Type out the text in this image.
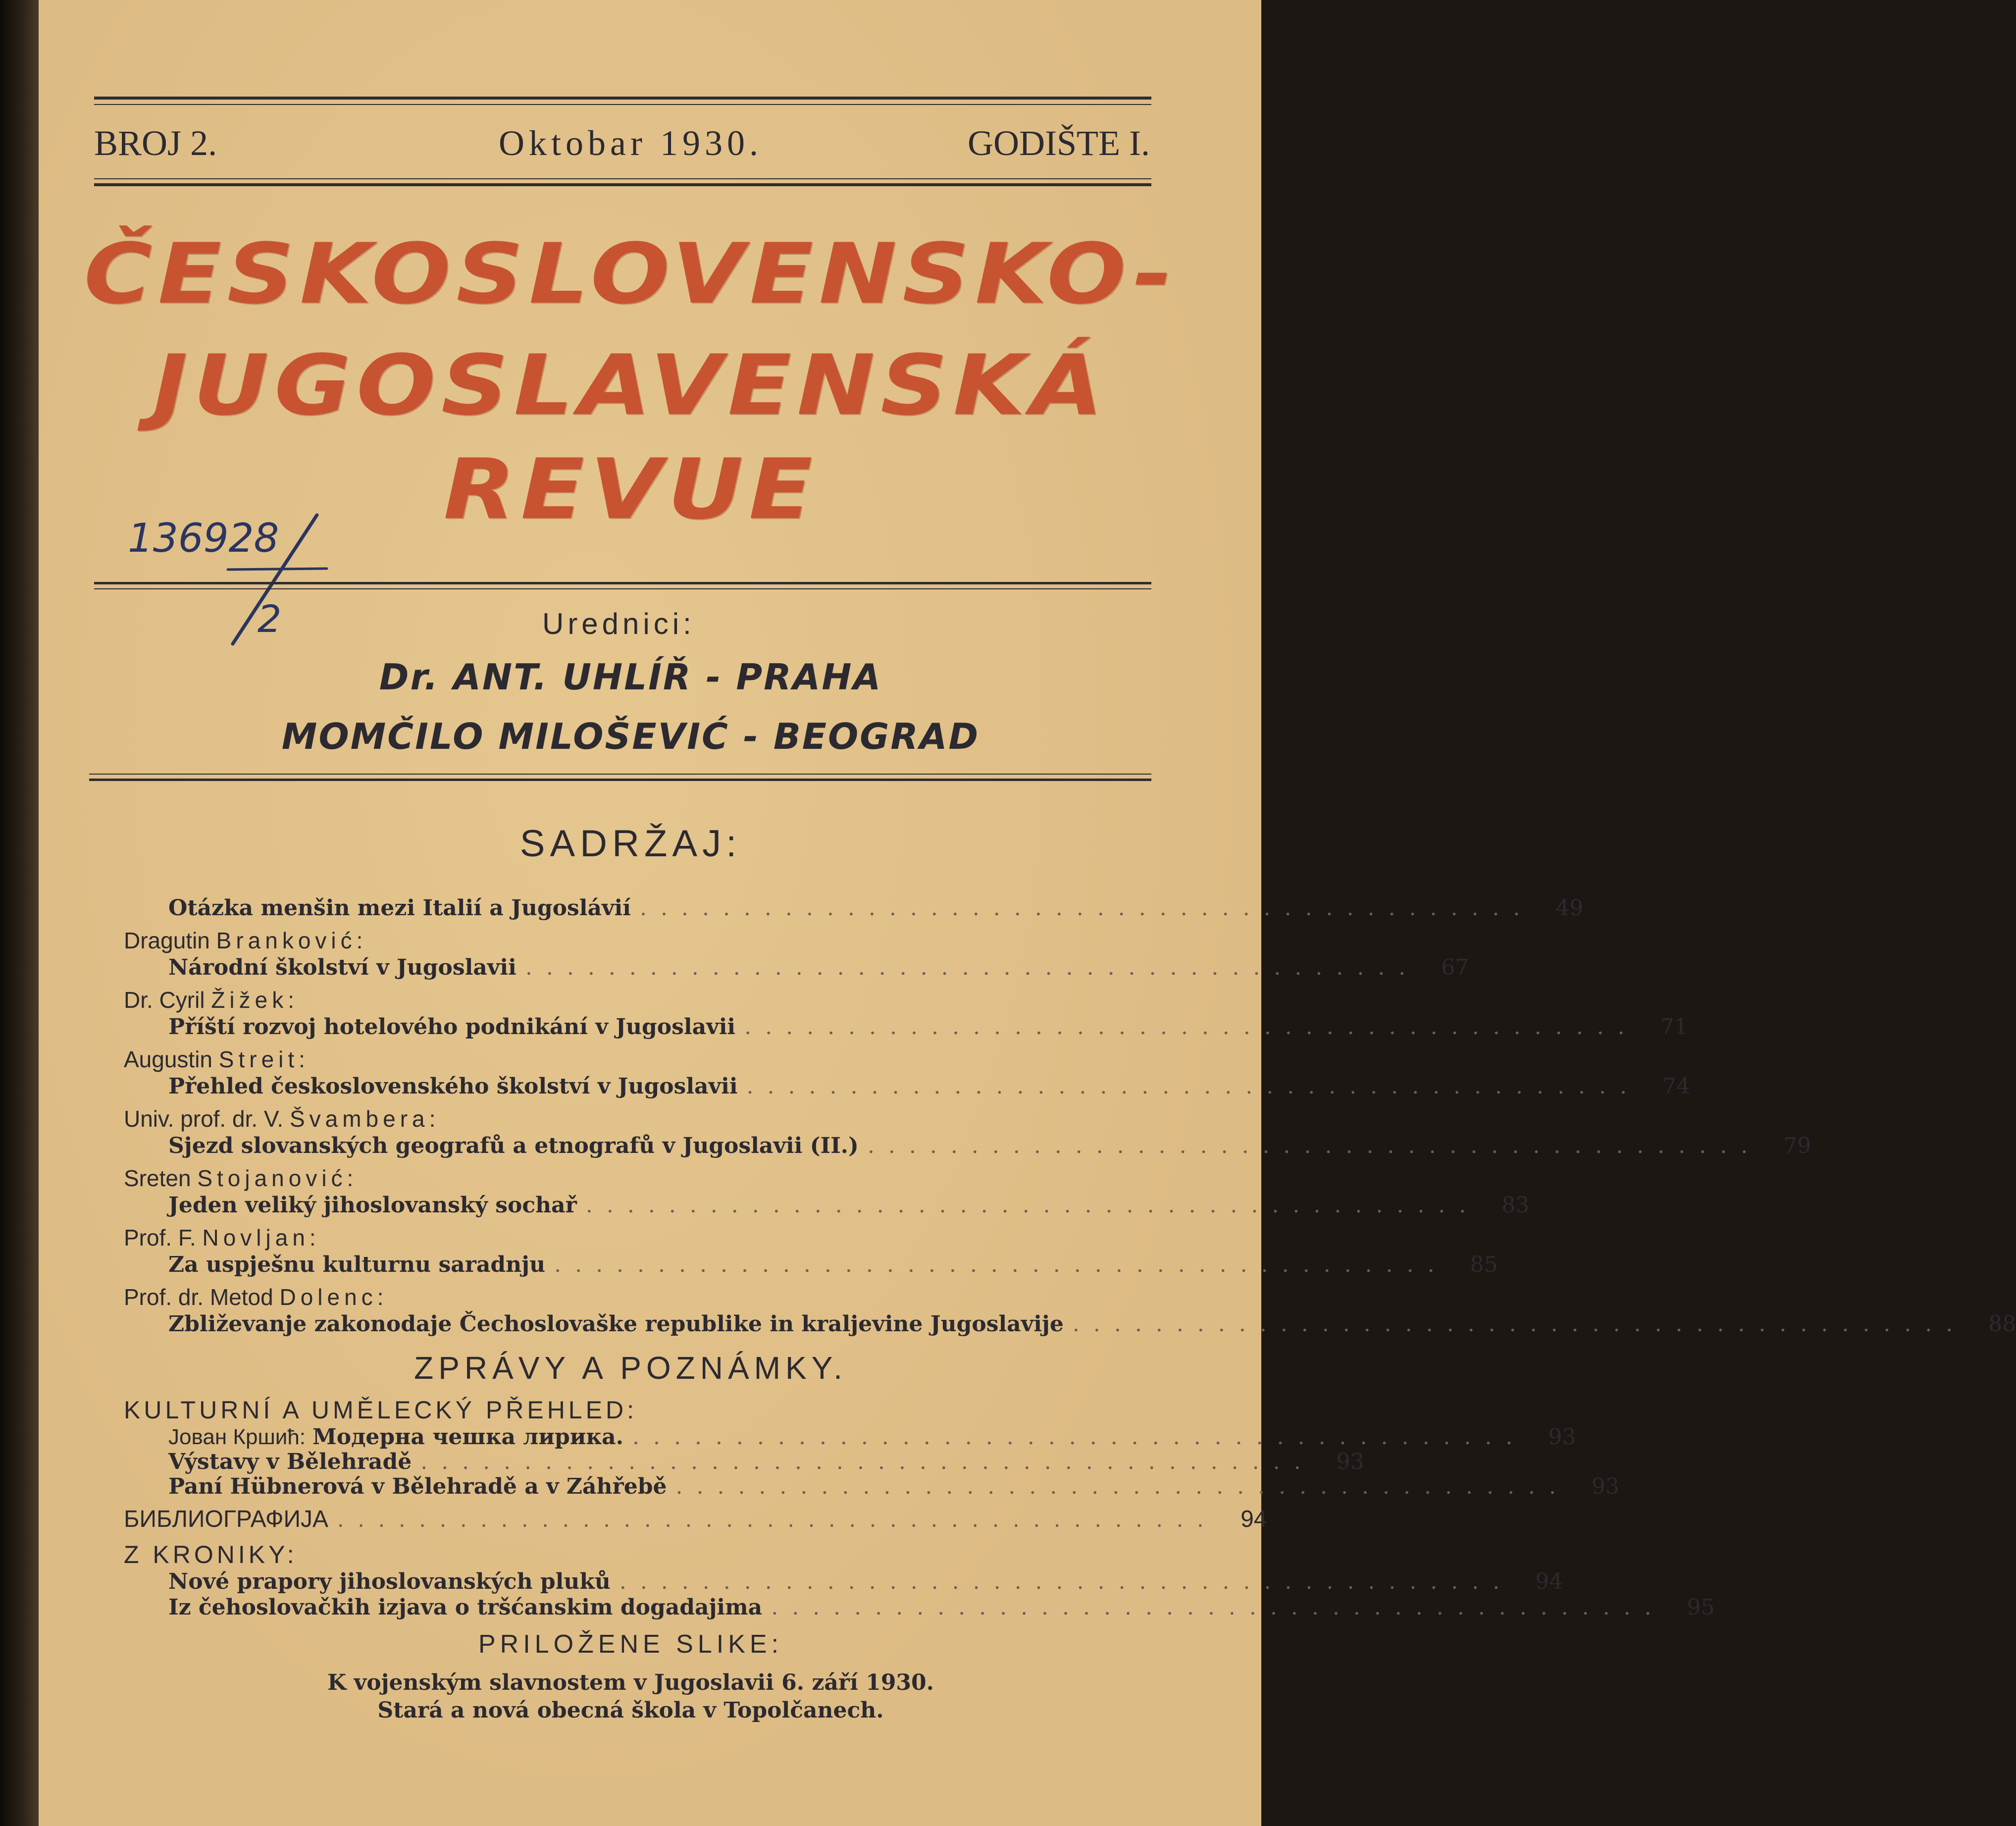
BROJ 2.	Oktobar 1930.	GODIŠTE I.
ČESKOSLOVENSKO-
JUGOSLAVENSKÁ
REVUE
136928
2	Urednici:
Dr. ANT. UHLÍŘ - PRAHA
MOMČILO MILOŠEVIĆ - BEOGRAD
SADRŽAJ:
Otázka menšin mezi Italií a Jugoslávií ...........................................	49
Dragutin Branković:
Národní školství v Jugoslavii ...........................................	67
Dr. Cyril Žižek:
Příští rozvoj hotelového podnikání v Jugoslavii ...........................................	71
Augustin Streit:
Přehled československého školství v Jugoslavii ...........................................	74
Univ. prof. dr. V. Švambera:
Sjezd slovanských geografů a etnografů v Jugoslavii (II.) ...........................................	79
Sreten Stojanović:
Jeden veliký jihoslovanský sochař ...........................................	83
Prof. F. Novljan:
Za uspješnu kulturnu saradnju ...........................................	85
Prof. dr. Metod Dolenc:
Zbliževanje zakonodaje Čechoslovaške republike in kraljevine Jugoslavije ...........................................	88
ZPRÁVY A POZNÁMKY.
KULTURNÍ A UMĚLECKÝ PŘEHLED:
Јован Кршић: Модерна чешка лирика. ...........................................	93
Výstavy v Bělehradě ...........................................	93
Paní Hübnerová v Bělehradě a v Záhřebě ...........................................	93
БИБЛИОГРАФИЈА ........................................... 94
Z KRONIKY:
Nové prapory jihoslovanských pluků ...........................................	94
Iz čehoslovačkih izjava o tršćanskim dogadajima ...........................................	95
PRILOŽENE SLIKE:
K vojenským slavnostem v Jugoslavii 6. září 1930.
Stará a nová obecná škola v Topolčanech.
